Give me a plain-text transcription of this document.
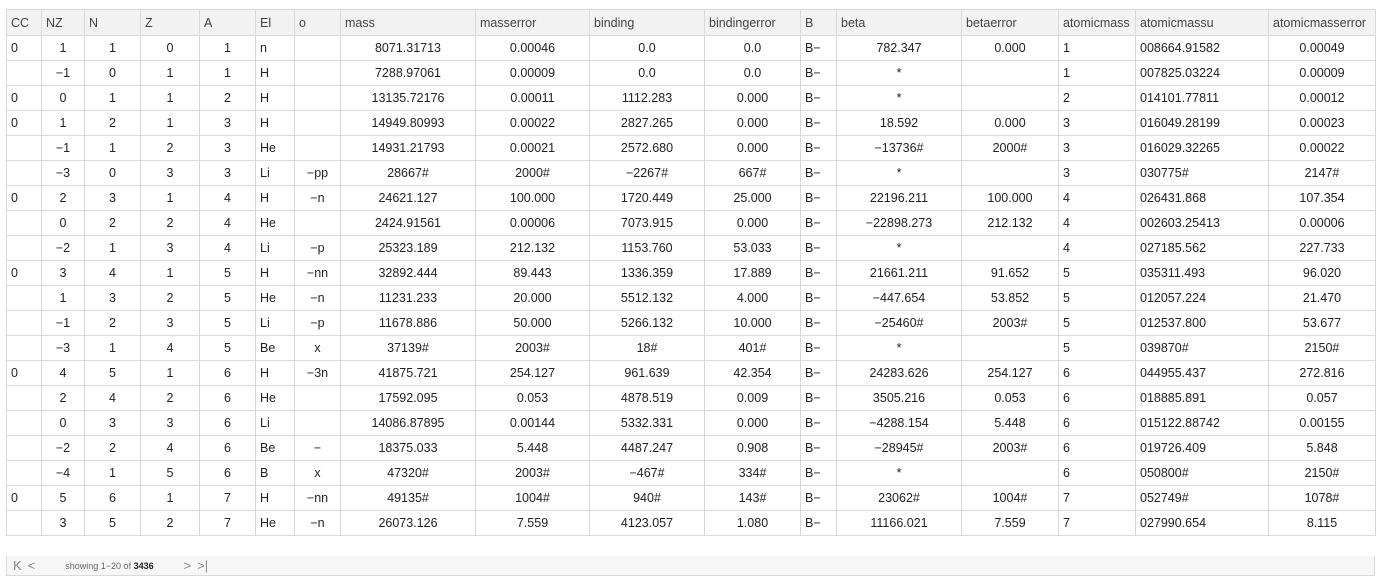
CC	NZ	N	Z	A	El	o	mass	masserror	binding	bindingerror	B	beta	betaerror	atomicmass	atomicmassu	atomicmasserror
0	1	1	0	1	n		8071.31713	0.00046	0.0	0.0	B−	782.347	0.000	1	008664.91582	0.00049
	−1	0	1	1	H		7288.97061	0.00009	0.0	0.0	B−	*		1	007825.03224	0.00009
0	0	1	1	2	H		13135.72176	0.00011	1112.283	0.000	B−	*		2	014101.77811	0.00012
0	1	2	1	3	H		14949.80993	0.00022	2827.265	0.000	B−	18.592	0.000	3	016049.28199	0.00023
	−1	1	2	3	He		14931.21793	0.00021	2572.680	0.000	B−	−13736#	2000#	3	016029.32265	0.00022
	−3	0	3	3	Li	−pp	28667#	2000#	−2267#	667#	B−	*		3	030775#	2147#
0	2	3	1	4	H	−n	24621.127	100.000	1720.449	25.000	B−	22196.211	100.000	4	026431.868	107.354
	0	2	2	4	He		2424.91561	0.00006	7073.915	0.000	B−	−22898.273	212.132	4	002603.25413	0.00006
	−2	1	3	4	Li	−p	25323.189	212.132	1153.760	53.033	B−	*		4	027185.562	227.733
0	3	4	1	5	H	−nn	32892.444	89.443	1336.359	17.889	B−	21661.211	91.652	5	035311.493	96.020
	1	3	2	5	He	−n	11231.233	20.000	5512.132	4.000	B−	−447.654	53.852	5	012057.224	21.470
	−1	2	3	5	Li	−p	11678.886	50.000	5266.132	10.000	B−	−25460#	2003#	5	012537.800	53.677
	−3	1	4	5	Be	x	37139#	2003#	18#	401#	B−	*		5	039870#	2150#
0	4	5	1	6	H	−3n	41875.721	254.127	961.639	42.354	B−	24283.626	254.127	6	044955.437	272.816
	2	4	2	6	He		17592.095	0.053	4878.519	0.009	B−	3505.216	0.053	6	018885.891	0.057
	0	3	3	6	Li		14086.87895	0.00144	5332.331	0.000	B−	−4288.154	5.448	6	015122.88742	0.00155
	−2	2	4	6	Be	−	18375.033	5.448	4487.247	0.908	B−	−28945#	2003#	6	019726.409	5.848
	−4	1	5	6	B	x	47320#	2003#	−467#	334#	B−	*		6	050800#	2150#
0	5	6	1	7	H	−nn	49135#	1004#	940#	143#	B−	23062#	1004#	7	052749#	1078#
	3	5	2	7	He	−n	26073.126	7.559	4123.057	1.080	B−	11166.021	7.559	7	027990.654	8.115
K <	showing 1−20 of 3436 > >|
